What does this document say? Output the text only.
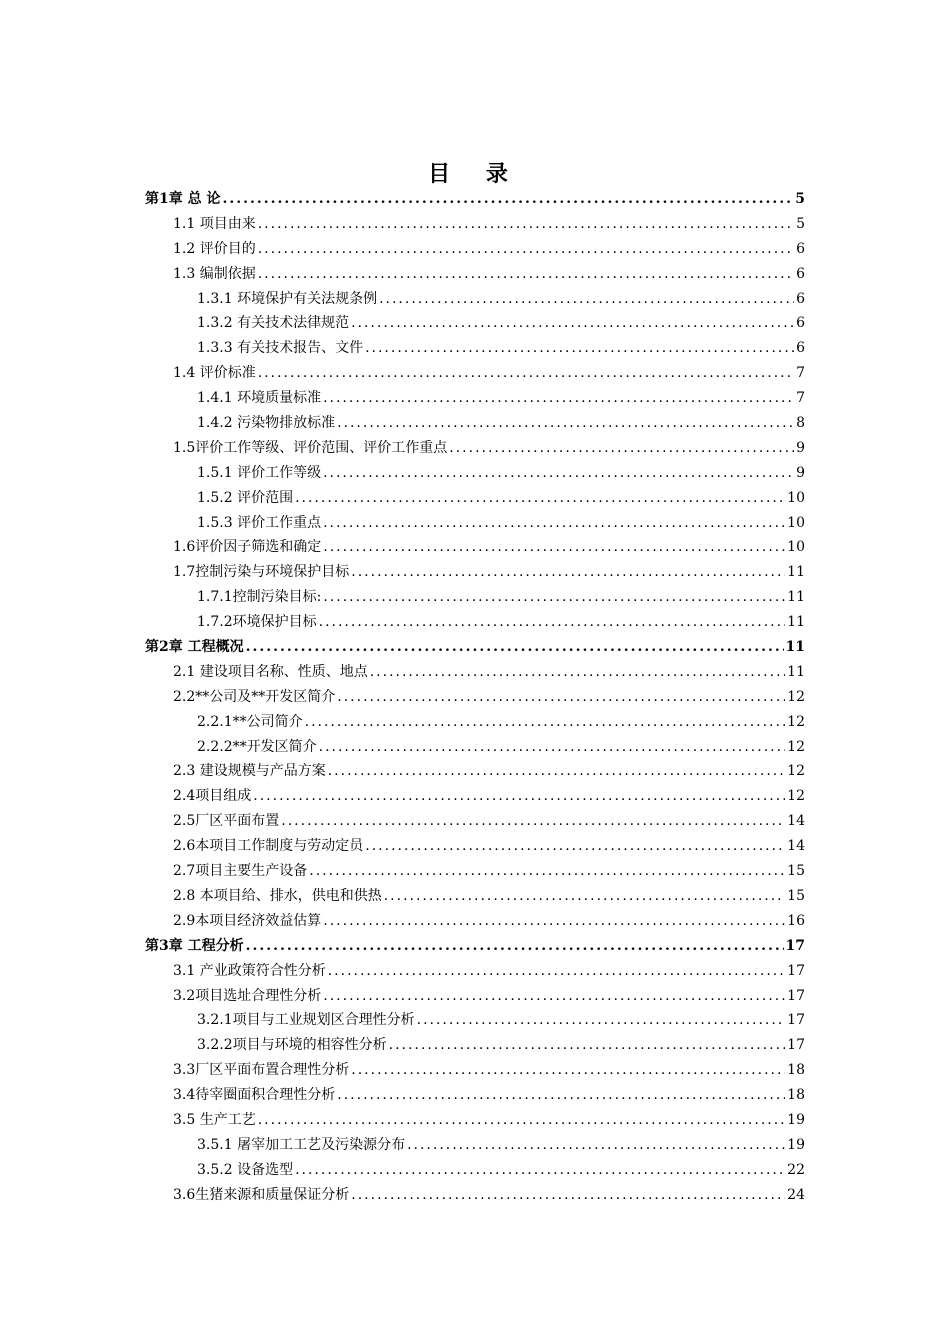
目 录
第1章 总 论 .....	5
1.1 项目由来 .....	5
1.2 评价目的 .....	6
1.3 编制依据 .....	6
1.3.1 环境保护有关法规条例 .....	6
1.3.2 有关技术法律规范 .....	6
1.3.3 有关技术报告、文件 .....	6
1.4 评价标准 .....	7
1.4.1 环境质量标准 .....	7
1.4.2 污染物排放标准 .....	8
1.5评价工作等级、评价范围、评价工作重点 .....	9
1.5.1 评价工作等级 .....	9
1.5.2 评价范围 .....	10
1.5.3 评价工作重点 .....	10
1.6评价因子筛选和确定 .....	10
1.7控制污染与环境保护目标 .....	11
1.7.1控制污染目标: .....	11
1.7.2环境保护目标 .....	11
第2章 工程概况 .....	11
2.1 建设项目名称、性质、地点 .....	11
2.2**公司及**开发区简介 .....	12
2.2.1**公司简介 .....	12
2.2.2**开发区简介 .....	12
2.3 建设规模与产品方案 .....	12
2.4项目组成 .....	12
2.5厂区平面布置 .....	14
2.6本项目工作制度与劳动定员 .....	14
2.7项目主要生产设备 .....	15
2.8 本项目给、排水，供电和供热 .....	15
2.9本项目经济效益估算 .....	16
第3章 工程分析 .....	17
3.1 产业政策符合性分析 .....	17
3.2项目选址合理性分析 .....	17
3.2.1项目与工业规划区合理性分析 .....	17
3.2.2项目与环境的相容性分析 .....	17
3.3厂区平面布置合理性分析 .....	18
3.4待宰圈面积合理性分析 .....	18
3.5 生产工艺 .....	19
3.5.1 屠宰加工工艺及污染源分布 .....	19
3.5.2 设备选型 .....	22
3.6生猪来源和质量保证分析 .....	24
